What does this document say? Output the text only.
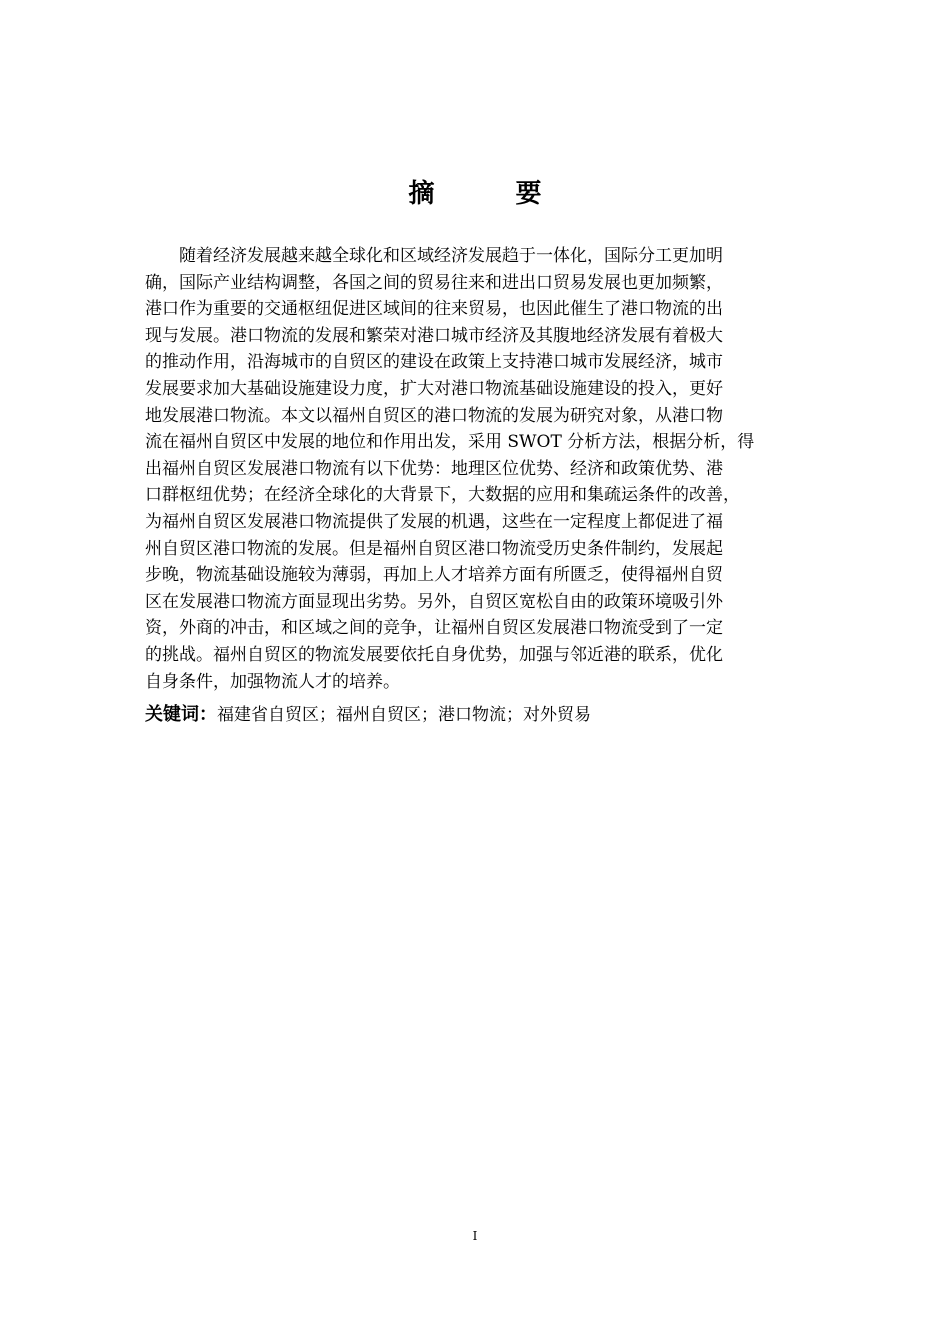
摘 要
　　随着经济发展越来越全球化和区域经济发展趋于一体化，国际分工更加明
确，国际产业结构调整，各国之间的贸易往来和进出口贸易发展也更加频繁，
港口作为重要的交通枢纽促进区域间的往来贸易，也因此催生了港口物流的出
现与发展。港口物流的发展和繁荣对港口城市经济及其腹地经济发展有着极大
的推动作用，沿海城市的自贸区的建设在政策上支持港口城市发展经济，城市
发展要求加大基础设施建设力度，扩大对港口物流基础设施建设的投入，更好
地发展港口物流。本文以福州自贸区的港口物流的发展为研究对象，从港口物
流在福州自贸区中发展的地位和作用出发，采用 SWOT 分析方法，根据分析，得
出福州自贸区发展港口物流有以下优势：地理区位优势、经济和政策优势、港
口群枢纽优势；在经济全球化的大背景下，大数据的应用和集疏运条件的改善，
为福州自贸区发展港口物流提供了发展的机遇，这些在一定程度上都促进了福
州自贸区港口物流的发展。但是福州自贸区港口物流受历史条件制约，发展起
步晚，物流基础设施较为薄弱，再加上人才培养方面有所匮乏，使得福州自贸
区在发展港口物流方面显现出劣势。另外，自贸区宽松自由的政策环境吸引外
资，外商的冲击，和区域之间的竞争，让福州自贸区发展港口物流受到了一定
的挑战。福州自贸区的物流发展要依托自身优势，加强与邻近港的联系，优化
自身条件，加强物流人才的培养。
关键词：福建省自贸区；福州自贸区；港口物流；对外贸易
I
